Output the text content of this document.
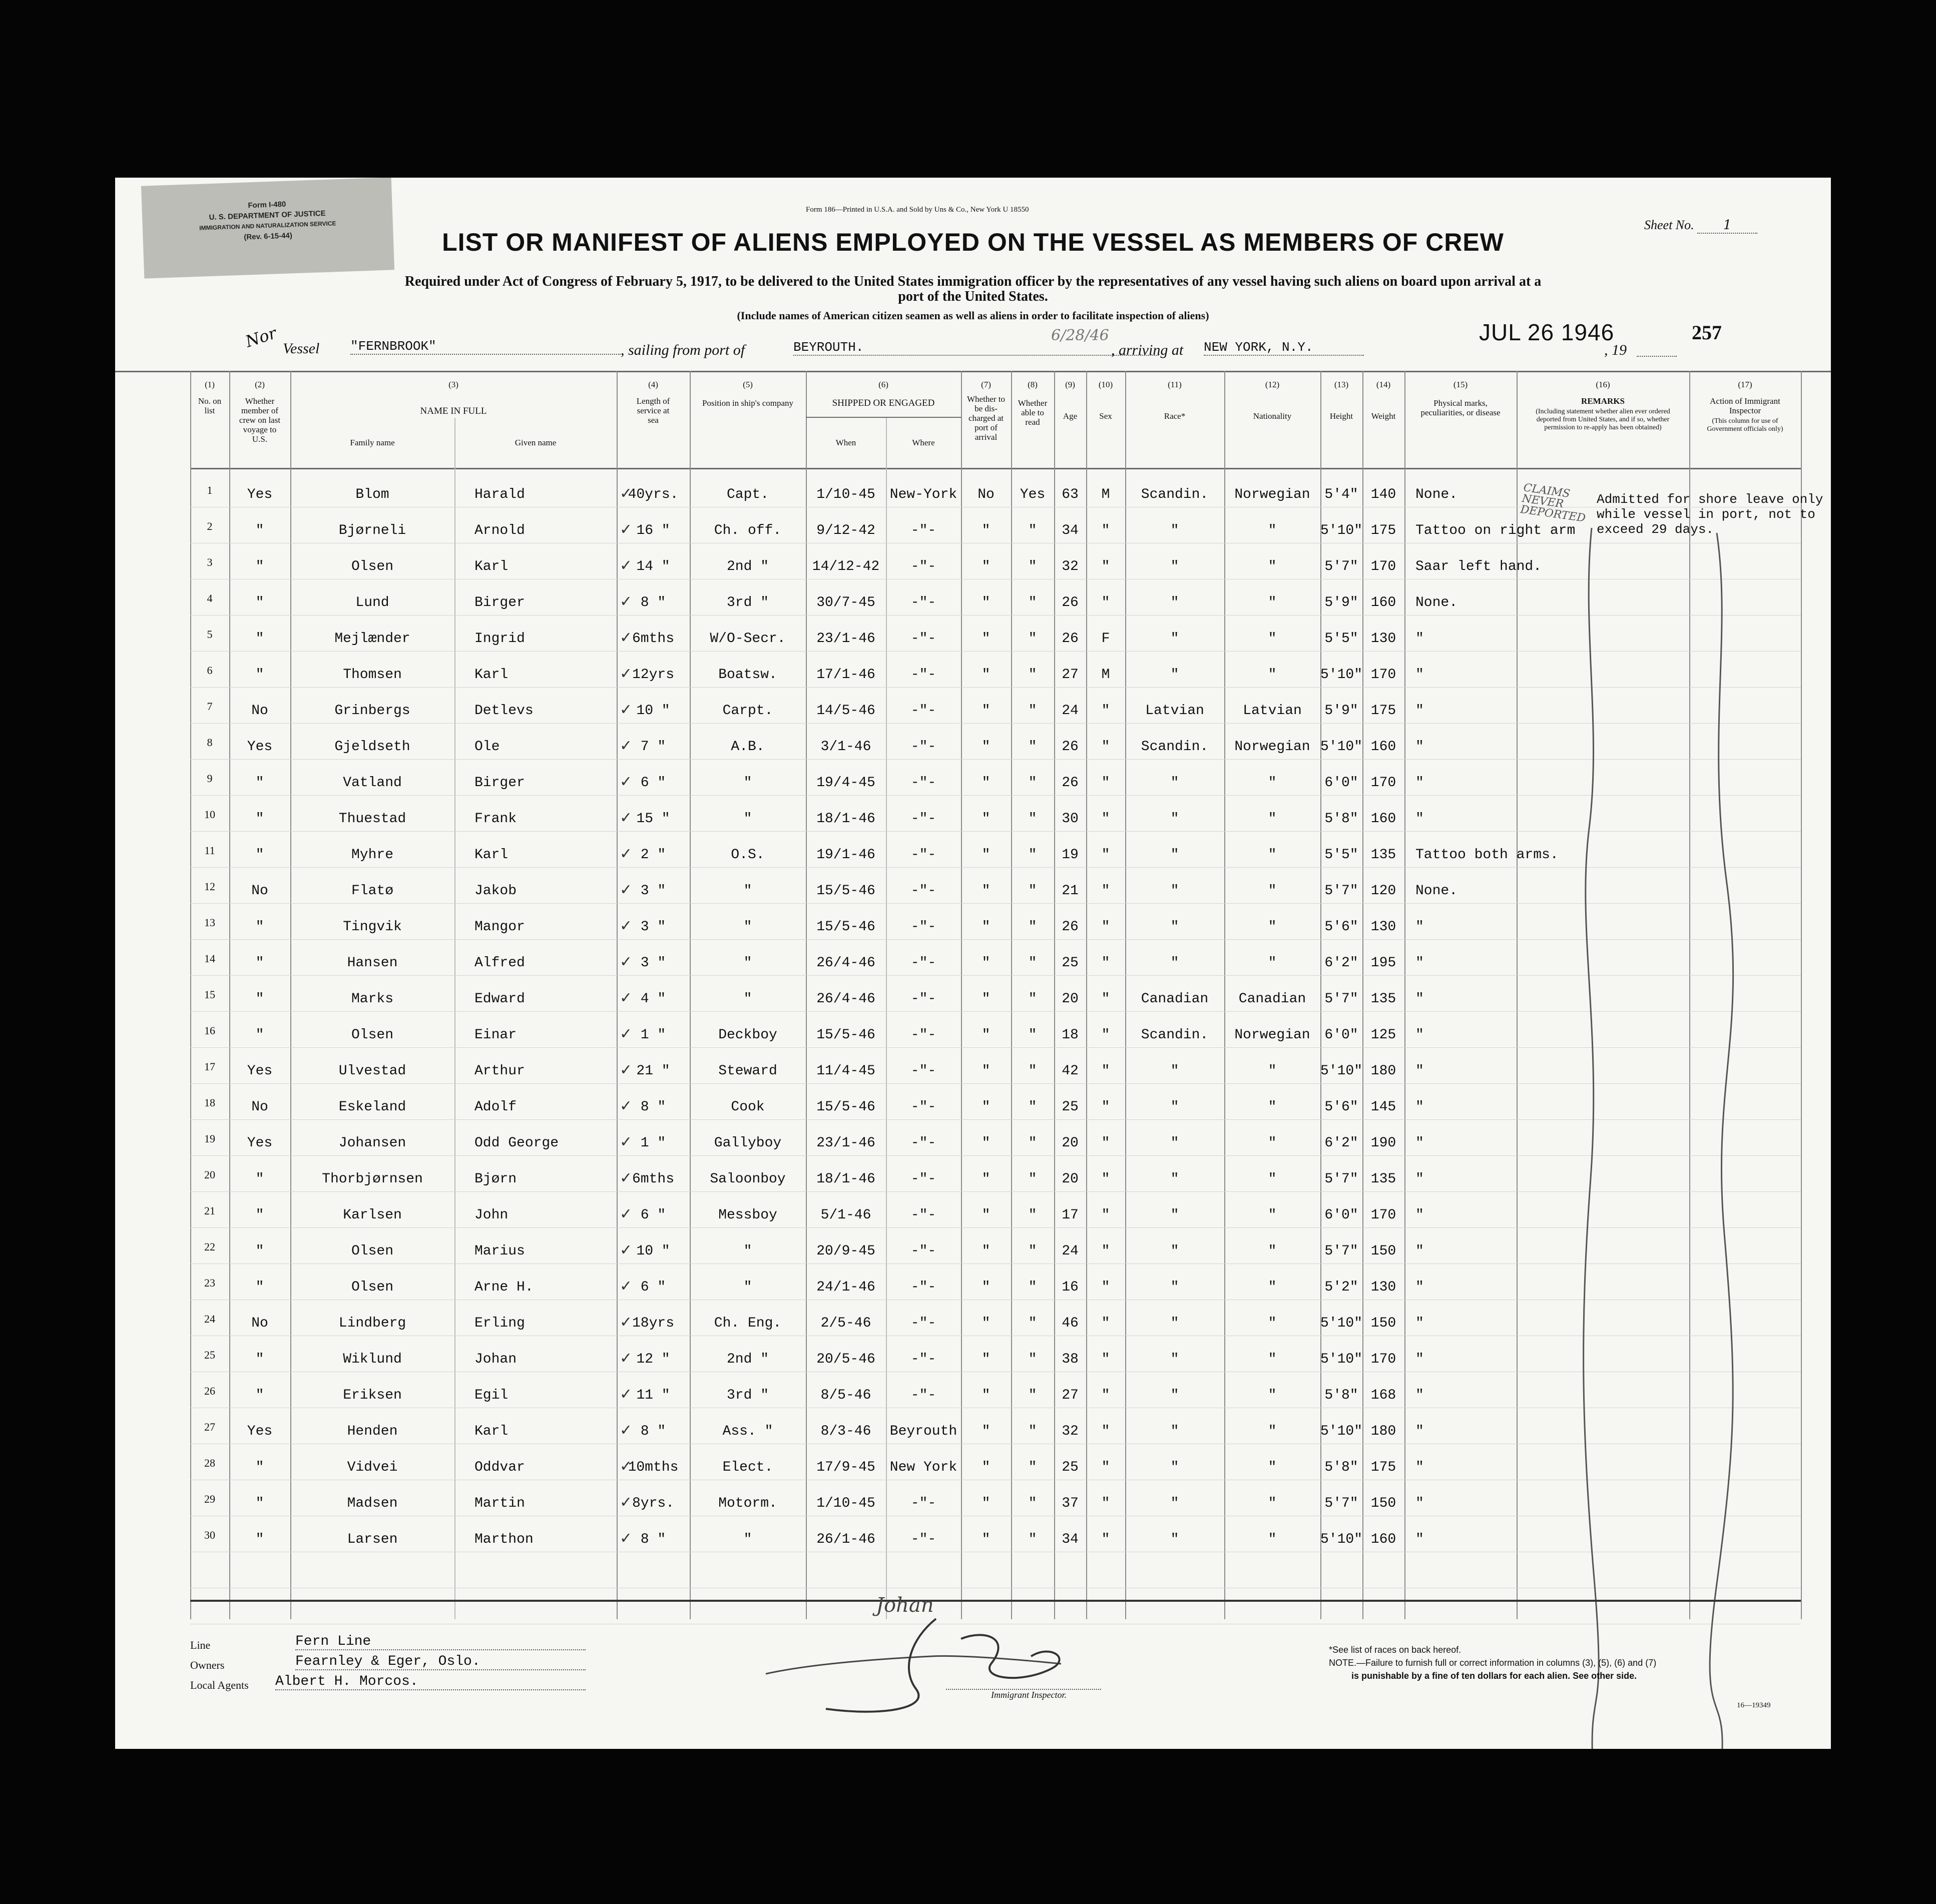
Form I-480
U. S. DEPARTMENT OF JUSTICE
IMMIGRATION AND NATURALIZATION SERVICE
(Rev. 6-15-44)
Form 186—Printed in U.S.A. and Sold by Uns & Co., New York U 18550
LIST OR MANIFEST OF ALIENS EMPLOYED ON THE VESSEL AS MEMBERS OF CREW
Sheet No. 1
Required under Act of Congress of February 5, 1917, to be delivered to the United States immigration officer by the representatives of any vessel having such aliens on board upon arrival at a
port of the United States.
(Include names of American citizen seamen as well as aliens in order to facilitate inspection of aliens)
Nor Vessel "FERNBROOK"	, sailing from port of	BEYROUTH.
6/28/46
, arriving at NEW YORK, N.Y.
JUL 26 1946
, 19
257
(1)
No. on list
(2)
Whether member of crew on last voyage to U.S.
(3)
NAME IN FULL
Family name	Given name
(4)
Length of service at sea
(5)
Position in ship's company
(6)
SHIPPED OR ENGAGED
When	Where
(7)
Whether to be dis-charged at port of arrival
(8)
Whether able to read
(9)
Age
(10)
Sex
(11)
Race*
(12)
Nationality
(13)
Height
(14)
Weight
(15)
Physical marks, peculiarities, or disease
(16)
REMARKS
(Including statement whether alien ever ordered deported from United States, and if so, whether permission to re-apply has been obtained)
(17)
Action of Immigrant Inspector
(This column for use of Government officials only)
1	Yes	Blom	Harald	40yrs.	Capt.	1/10-45	New-York	No	Yes	63	M	Scandin.	Norwegian	5'4" 140	None.
✓
2	"	Bjørneli	Arnold	16 "	Ch. off.	9/12-42	-"-	"	"	34	"	"	"	5'10" 175	Tattoo on right arm
✓
3	"	Olsen	Karl	14 "	2nd "	14/12-42	-"-	"	"	32	"	"	"	5'7" 170	Saar left hand.
✓
4	"	Lund	Birger	8 "	3rd "	30/7-45	-"-	"	"	26	"	"	"	5'9" 160	None.
✓
5	"	Mejlænder	Ingrid	6mths	W/O-Secr.	23/1-46	-"-	"	"	26	F	"	"	5'5" 130	"
✓
6	"	Thomsen	Karl	12yrs	Boatsw.	17/1-46	-"-	"	"	27	M	"	"	5'10" 170	"
✓
7	No	Grinbergs	Detlevs	10 "	Carpt.	14/5-46	-"-	"	"	24	"	Latvian	Latvian	5'9" 175	"
✓
8	Yes	Gjeldseth	Ole	7 "	A.B.	3/1-46	-"-	"	"	26	"	Scandin.	Norwegian 5'10" 160	"
✓
9	"	Vatland	Birger	6 "	"	19/4-45	-"-	"	"	26	"	"	"	6'0" 170	"
✓
10	"	Thuestad	Frank	15 "	"	18/1-46	-"-	"	"	30	"	"	"	5'8" 160	"
✓
11	"	Myhre	Karl	2 "	O.S.	19/1-46	-"-	"	"	19	"	"	"	5'5" 135	Tattoo both arms.
✓
12	No	Flatø	Jakob	3 "	"	15/5-46	-"-	"	"	21	"	"	"	5'7" 120	None.
✓
13	"	Tingvik	Mangor	3 "	"	15/5-46	-"-	"	"	26	"	"	"	5'6" 130	"
✓
14	"	Hansen	Alfred	3 "	"	26/4-46	-"-	"	"	25	"	"	"	6'2" 195	"
✓
15	"	Marks	Edward	4 "	"	26/4-46	-"-	"	"	20	"	Canadian	Canadian	5'7" 135	"
✓
16	"	Olsen	Einar	1 "	Deckboy	15/5-46	-"-	"	"	18	"	Scandin.	Norwegian	6'0" 125	"
✓
17	Yes	Ulvestad	Arthur	21 "	Steward	11/4-45	-"-	"	"	42	"	"	"	5'10" 180	"
✓
18	No	Eskeland	Adolf	8 "	Cook	15/5-46	-"-	"	"	25	"	"	"	5'6" 145	"
✓
19	Yes	Johansen	Odd George	1 "	Gallyboy	23/1-46	-"-	"	"	20	"	"	"	6'2" 190	"
✓
20	"	Thorbjørnsen	Bjørn	6mths	Saloonboy	18/1-46	-"-	"	"	20	"	"	"	5'7" 135	"
✓
21	"	Karlsen	John	6 "	Messboy	5/1-46	-"-	"	"	17	"	"	"	6'0" 170	"
✓
22	"	Olsen	Marius	10 "	"	20/9-45	-"-	"	"	24	"	"	"	5'7" 150	"
✓
23	"	Olsen	Arne H.	6 "	"	24/1-46	-"-	"	"	16	"	"	"	5'2" 130	"
✓
24	No	Lindberg	Erling	18yrs	Ch. Eng.	2/5-46	-"-	"	"	46	"	"	"	5'10" 150	"
✓
25	"	Wiklund	Johan	12 "	2nd "	20/5-46	-"-	"	"	38	"	"	"	5'10" 170	"
✓
26	"	Eriksen	Egil	11 "	3rd "	8/5-46	-"-	"	"	27	"	"	"	5'8" 168	"
✓
27	Yes	Henden	Karl	8 "	Ass. "	8/3-46	Beyrouth	"	"	32	"	"	"	5'10" 180	"
✓
28	"	Vidvei	Oddvar	10mths	Elect.	17/9-45	New York	"	"	25	"	"	"	5'8" 175	"
✓
29	"	Madsen	Martin	8yrs.	Motorm.	1/10-45	-"-	"	"	37	"	"	"	5'7" 150	"
✓
30	"	Larsen	Marthon	8 "	"	26/1-46	-"-	"	"	34	"	"	"	5'10" 160	"
✓
CLAIMS NEVER DEPORTED
Admitted for shore leave only while vessel in port, not to exceed 29 days.
Line	Fern Line
Owners	Fearnley & Eger, Oslo.
Local Agents Albert H. Morcos.
Johan
Immigrant Inspector.
*See list of races on back hereof.
NOTE.—Failure to furnish full or correct information in columns (3), (5), (6) and (7)
is punishable by a fine of ten dollars for each alien. See other side.
16—19349
